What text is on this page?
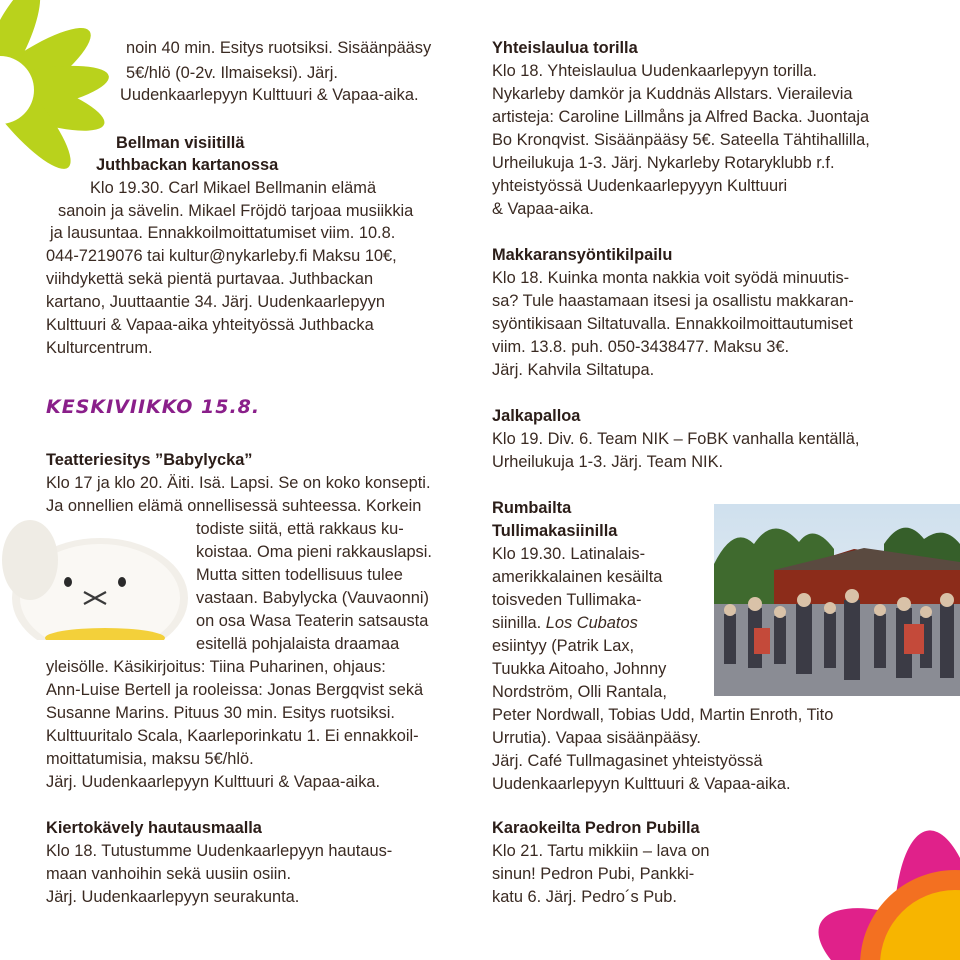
noin 40 min. Esitys ruotsiksi. Sisäänpääsy
5€/hlö (0-2v. Ilmaiseksi). Järj.
Uudenkaarlepyyn Kulttuuri & Vapaa-aika.
Bellman visiitillä
Juthbackan kartanossa
Klo 19.30. Carl Mikael Bellmanin elämä
sanoin ja sävelin. Mikael Fröjdö tarjoaa musiikkia
ja lausuntaa. Ennakkoilmoittatumiset viim. 10.8.
044-7219076 tai kultur@nykarleby.fi Maksu 10€,
viihdykettä sekä pientä purtavaa. Juthbackan
kartano, Juuttaantie 34. Järj. Uudenkaarlepyyn
Kulttuuri & Vapaa-aika yhteityössä Juthbacka
Kulturcentrum.
KESKIVIIKKO 15.8.
Teatteriesitys ”Babylycka”
Klo 17 ja klo 20. Äiti. Isä. Lapsi. Se on koko konsepti.
Ja onnellien elämä onnellisessä suhteessa. Korkein
todiste siitä, että rakkaus ku-
koistaa. Oma pieni rakkauslapsi.
Mutta sitten todellisuus tulee
vastaan. Babylycka (Vauvaonni)
on osa Wasa Teaterin satsausta
esitellä pohjalaista draamaa
yleisölle. Käsikirjoitus: Tiina Puharinen, ohjaus:
Ann-Luise Bertell ja rooleissa: Jonas Bergqvist sekä
Susanne Marins. Pituus 30 min. Esitys ruotsiksi.
Kulttuuritalo Scala, Kaarleporinkatu 1. Ei ennakkoil-
moittatumisia, maksu 5€/hlö.
Järj. Uudenkaarlepyyn Kulttuuri & Vapaa-aika.
Kiertokävely hautausmaalla
Klo 18. Tutustumme Uudenkaarlepyyn hautaus-
maan vanhoihin sekä uusiin osiin.
Järj. Uudenkaarlepyyn seurakunta.
Yhteislaulua torilla
Klo 18. Yhteislaulua Uudenkaarlepyyn torilla.
Nykarleby damkör ja Kuddnäs Allstars. Vierailevia
artisteja: Caroline Lillmåns ja Alfred Backa. Juontaja
Bo Kronqvist. Sisäänpääsy 5€. Sateella Tähtihallilla,
Urheilukuja 1-3. Järj. Nykarleby Rotaryklubb r.f.
yhteistyössä Uudenkaarlepyyyn Kulttuuri
& Vapaa-aika.
Makkaransyöntikilpailu
Klo 18. Kuinka monta nakkia voit syödä minuutis-
sa? Tule haastamaan itsesi ja osallistu makkaran-
syöntikisaan Siltatuvalla. Ennakkoilmoittautumiset
viim. 13.8. puh. 050-3438477. Maksu 3€.
Järj. Kahvila Siltatupa.
Jalkapalloa
Klo 19. Div. 6. Team NIK – FoBK vanhalla kentällä,
Urheilukuja 1-3. Järj. Team NIK.
Rumbailta
Tullimakasiinilla
Klo 19.30. Latinalais-
amerikkalainen kesäilta
toisveden Tullimaka-
siinilla. Los Cubatos
esiintyy (Patrik Lax,
Tuukka Aitoaho, Johnny
Nordström, Olli Rantala,
Peter Nordwall, Tobias Udd, Martin Enroth, Tito
Urrutia). Vapaa sisäänpääsy.
Järj. Café Tullmagasinet yhteistyössä
Uudenkaarlepyyn Kulttuuri & Vapaa-aika.
Karaokeilta Pedron Pubilla
Klo 21. Tartu mikkiin – lava on
sinun! Pedron Pubi, Pankki-
katu 6. Järj. Pedro´s Pub.
